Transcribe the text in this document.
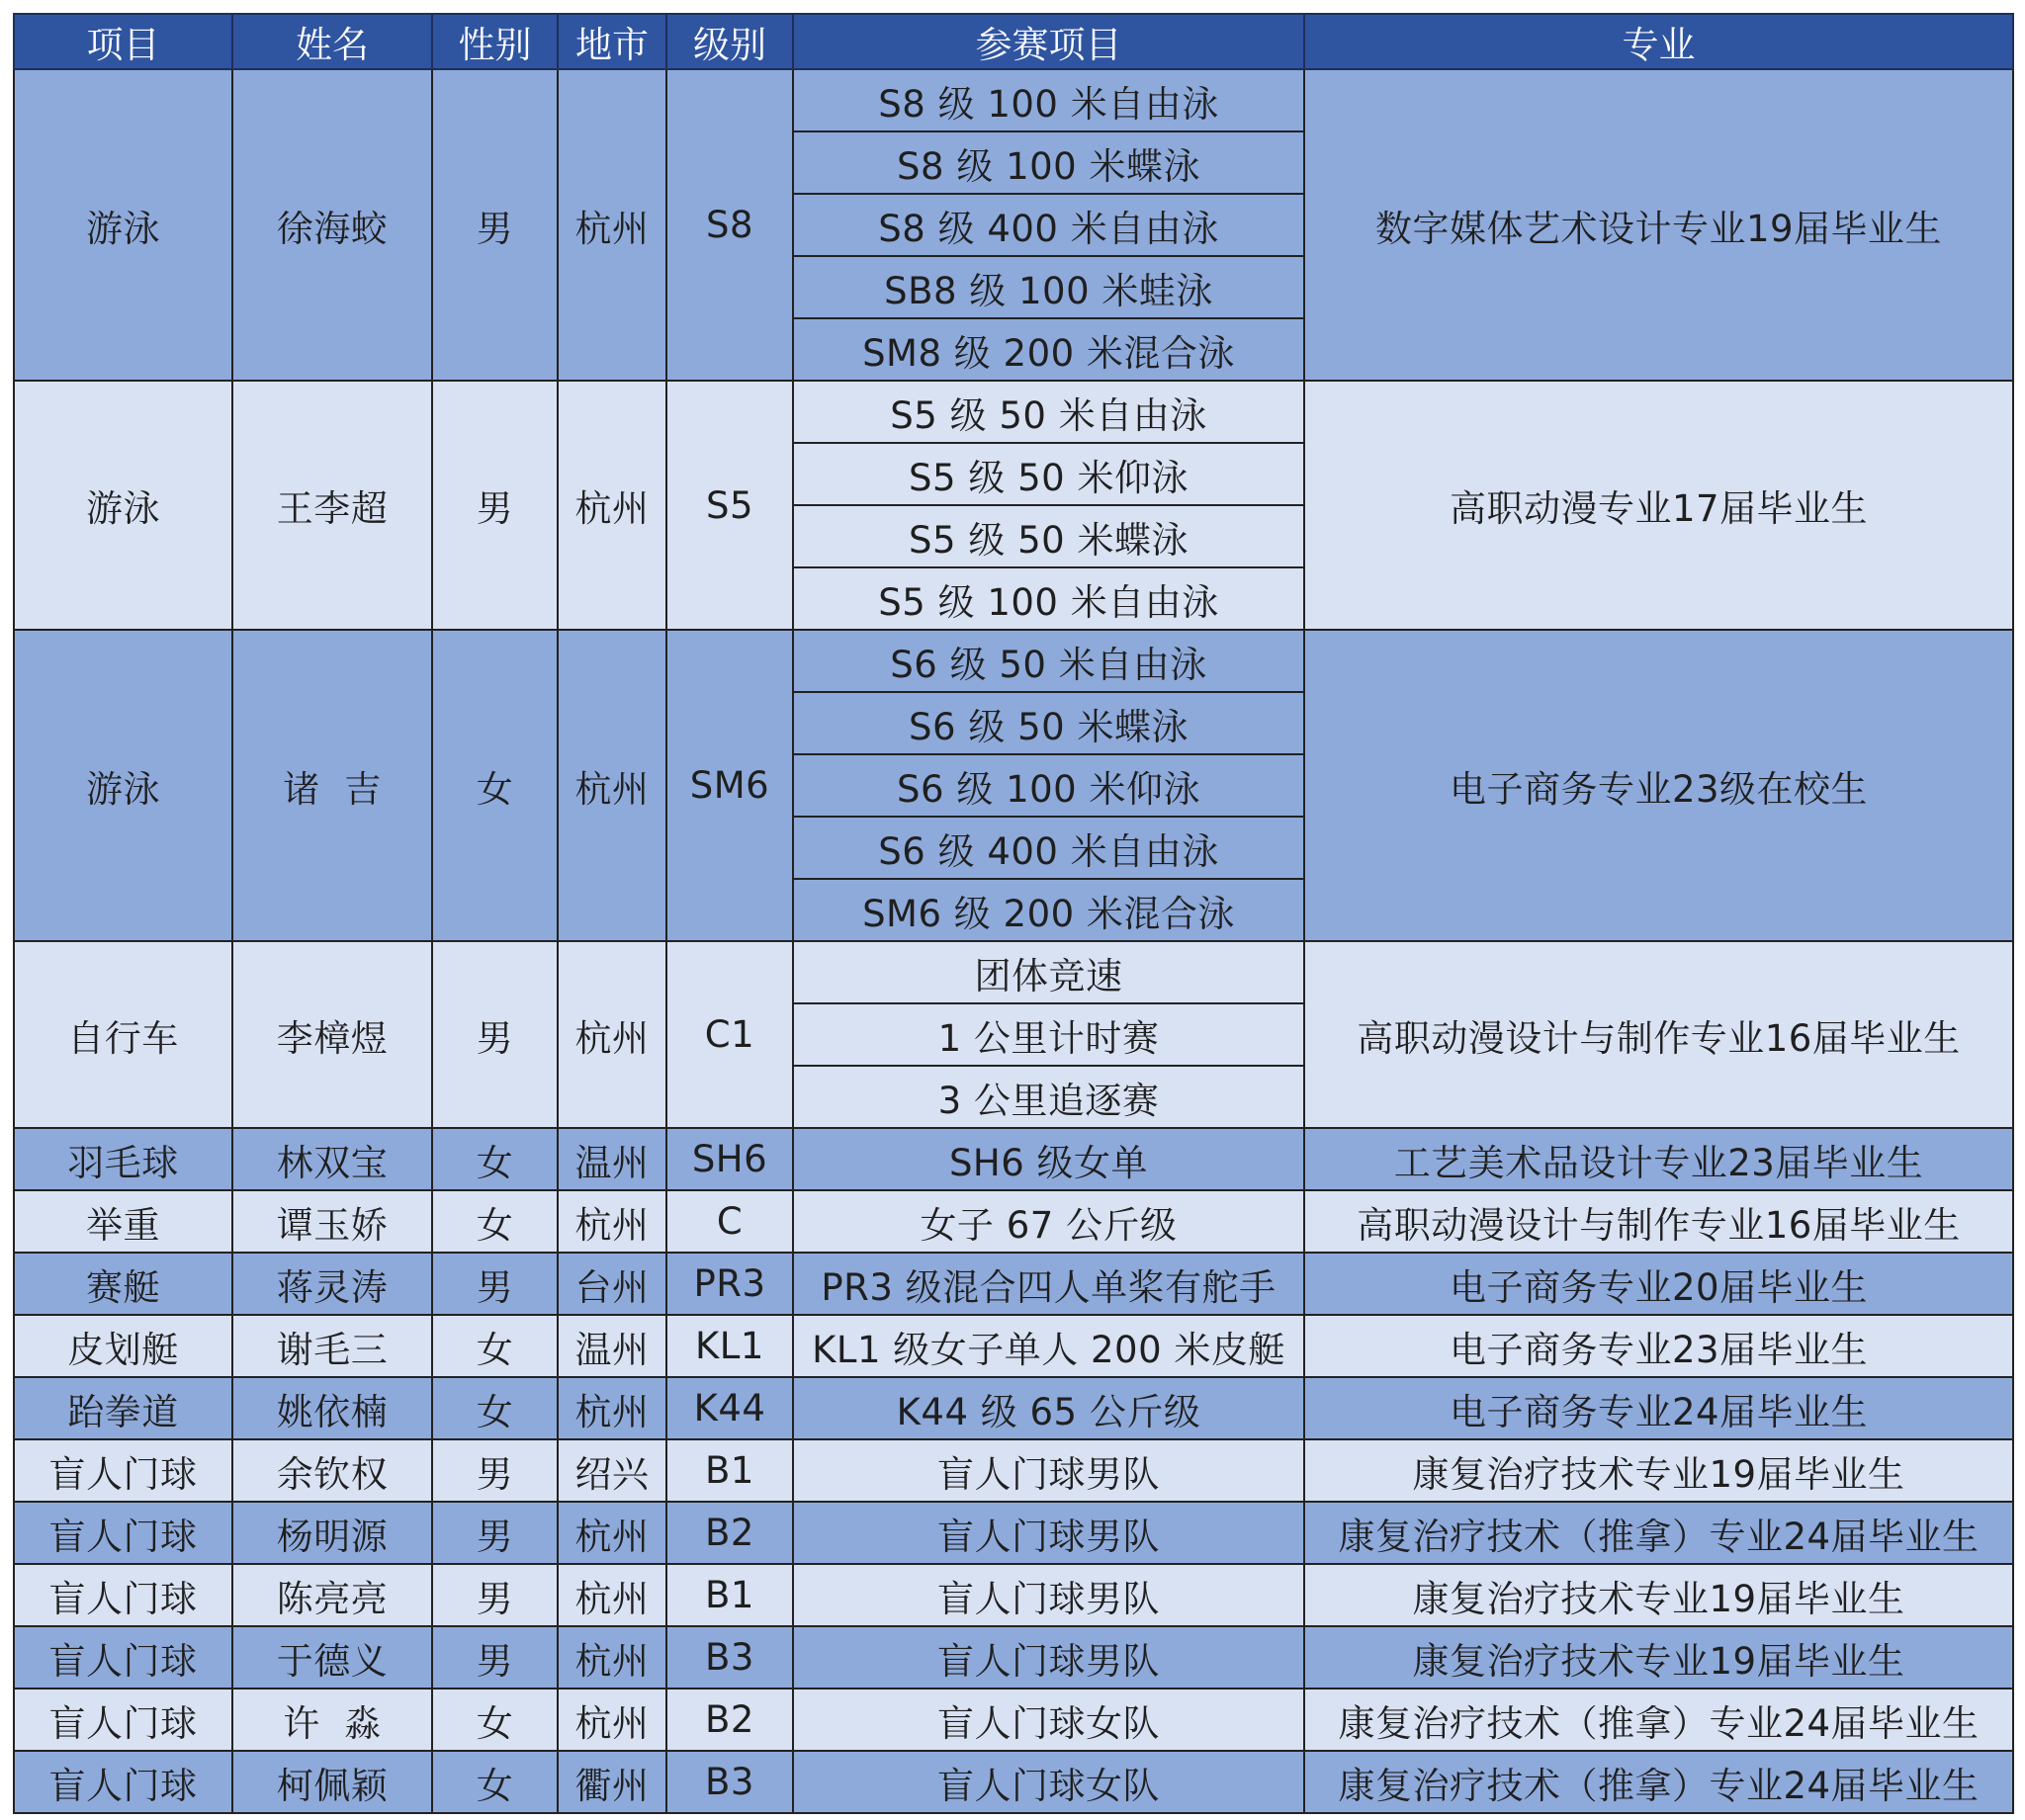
项目	姓名	性别	地市	级别	参赛项目	专业
游泳	徐海蛟	男	杭州	S8	S8 级 100 米自由泳	数字媒体艺术设计专业19届毕业生
					S8 级 100 米蝶泳	
					S8 级 400 米自由泳	
					SB8 级 100 米蛙泳	
					SM8 级 200 米混合泳	
游泳	王李超	男	杭州	S5	S5 级 50 米自由泳	高职动漫专业17届毕业生
					S5 级 50 米仰泳	
					S5 级 50 米蝶泳	
					S5 级 100 米自由泳	
游泳	诸  吉	女	杭州	SM6	S6 级 50 米自由泳	电子商务专业23级在校生
					S6 级 50 米蝶泳	
					S6 级 100 米仰泳	
					S6 级 400 米自由泳	
					SM6 级 200 米混合泳	
自行车	李樟煜	男	杭州	C1	团体竞速	高职动漫设计与制作专业16届毕业生
					1 公里计时赛	
					3 公里追逐赛	
羽毛球	林双宝	女	温州	SH6	SH6 级女单	工艺美术品设计专业23届毕业生
举重	谭玉娇	女	杭州	C	女子 67 公斤级	高职动漫设计与制作专业16届毕业生
赛艇	蒋灵涛	男	台州	PR3	PR3 级混合四人单桨有舵手	电子商务专业20届毕业生
皮划艇	谢毛三	女	温州	KL1	KL1 级女子单人 200 米皮艇	电子商务专业23届毕业生
跆拳道	姚依楠	女	杭州	K44	K44 级 65 公斤级	电子商务专业24届毕业生
盲人门球	余钦权	男	绍兴	B1	盲人门球男队	康复治疗技术专业19届毕业生
盲人门球	杨明源	男	杭州	B2	盲人门球男队	康复治疗技术（推拿）专业24届毕业生
盲人门球	陈亮亮	男	杭州	B1	盲人门球男队	康复治疗技术专业19届毕业生
盲人门球	于德义	男	杭州	B3	盲人门球男队	康复治疗技术专业19届毕业生
盲人门球	许  淼	女	杭州	B2	盲人门球女队	康复治疗技术（推拿）专业24届毕业生
盲人门球	柯佩颖	女	衢州	B3	盲人门球女队	康复治疗技术（推拿）专业24届毕业生
